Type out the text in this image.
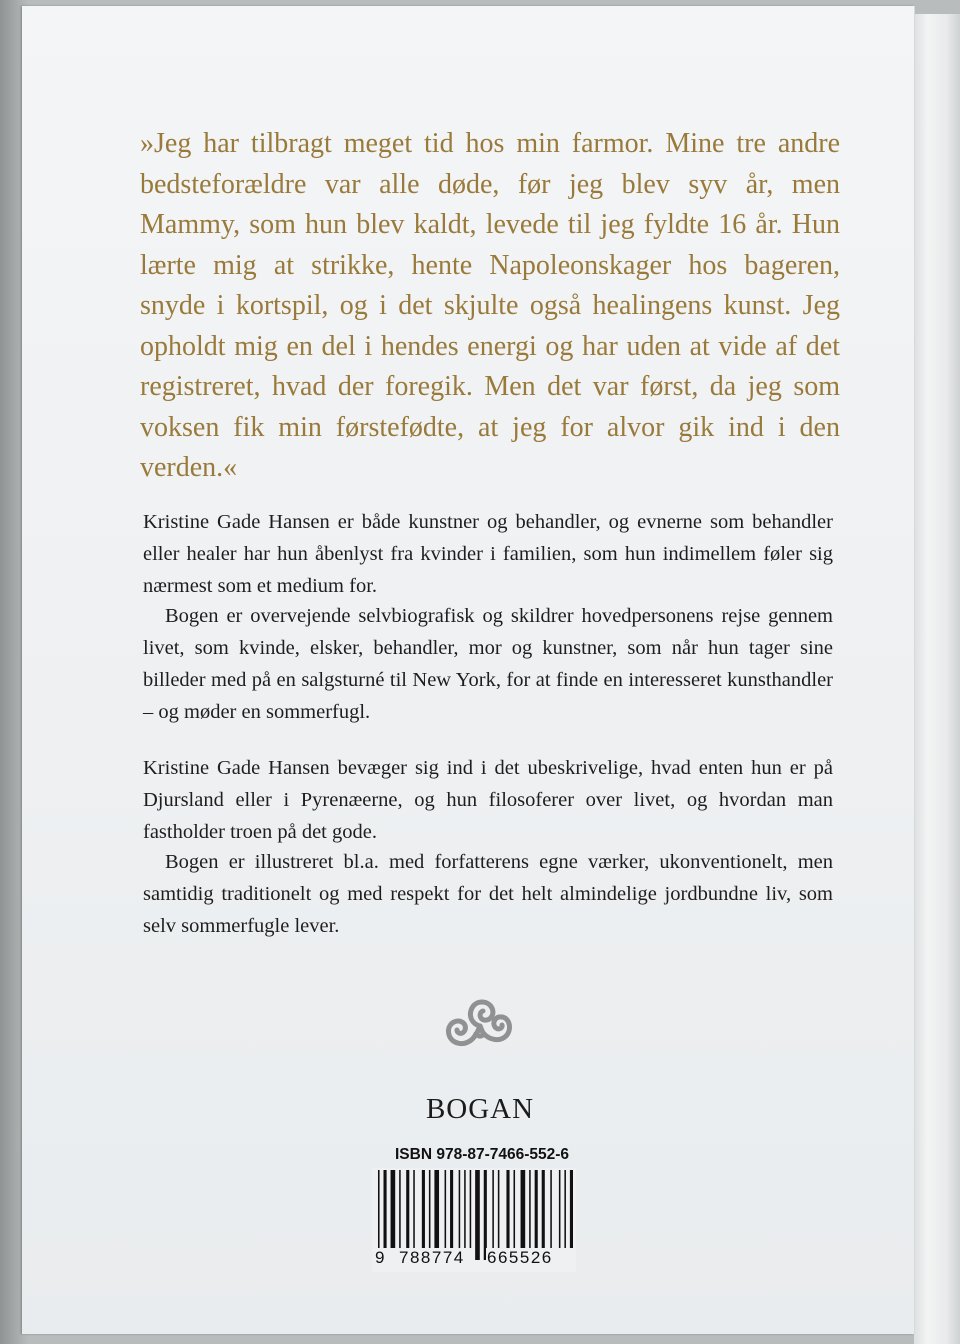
»Jeg har tilbragt meget tid hos min farmor. Mine tre andre bedsteforældre var alle døde, før jeg blev syv år, men Mammy, som hun blev kaldt, levede til jeg fyldte 16 år. Hun lærte mig at strikke, hente Napoleonskager hos bageren, snyde i kortspil, og i det skjulte også healingens kunst. Jeg opholdt mig en del i hendes energi og har uden at vide af det registreret, hvad der foregik. Men det var først, da jeg som voksen fik min førstefødte, at jeg for alvor gik ind i den verden.«

Kristine Gade Hansen er både kunstner og behandler, og evnerne som behandler eller healer har hun åbenlyst fra kvinder i familien, som hun indimellem føler sig nærmest som et medium for.

Bogen er overvejende selvbiografisk og skildrer hovedpersonens rejse gennem livet, som kvinde, elsker, behandler, mor og kunstner, som når hun tager sine billeder med på en salgsturné til New York, for at finde en interesseret kunsthandler – og møder en sommerfugl.

Kristine Gade Hansen bevæger sig ind i det ubeskrivelige, hvad enten hun er på Djursland eller i Pyrenæerne, og hun filosoferer over livet, og hvordan man fastholder troen på det gode.

Bogen er illustreret bl.a. med forfatterens egne værker, ukonventionelt, men samtidig traditionelt og med respekt for det helt almindelige jordbundne liv, som selv sommerfugle lever.

BOGAN
ISBN 978-87-7466-552-6
9 788774 665526
